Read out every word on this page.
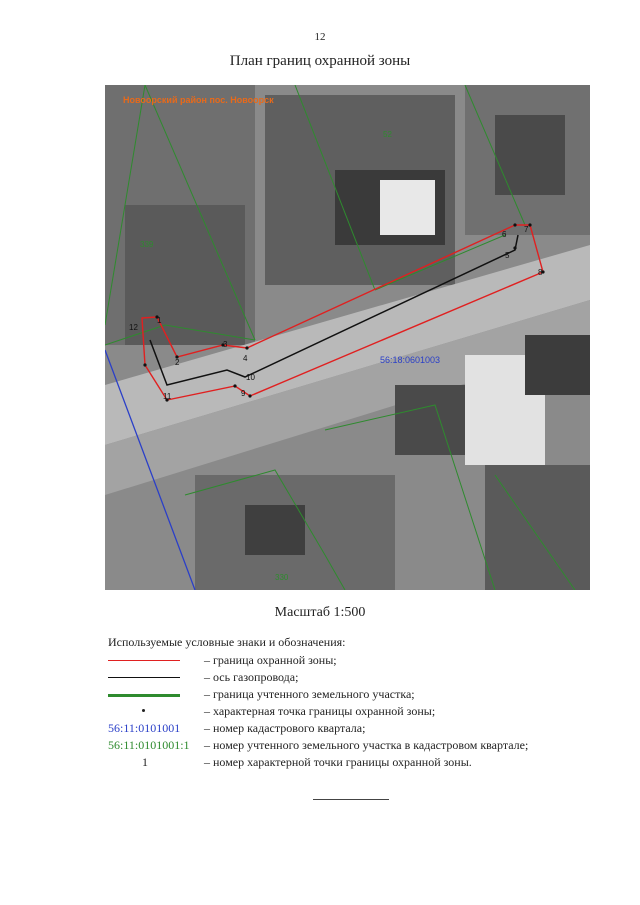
12
План границ охранной зоны
1
2
3
4
5
6
7
8
9
10
11
12
Новоорский район пос. Новоорск
52
339
330
56:18:0601003
Масштаб 1:500
Используемые условные знаки и обозначения:
– граница охранной зоны;
– ось газопровода;
– граница учтенного земельного участка;
– характерная точка границы охранной зоны;
56:11:0101001 – номер кадастрового квартала;
56:11:0101001:1 – номер учтенного земельного участка в кадастровом квартале;
1	– номер характерной точки границы охранной зоны.
